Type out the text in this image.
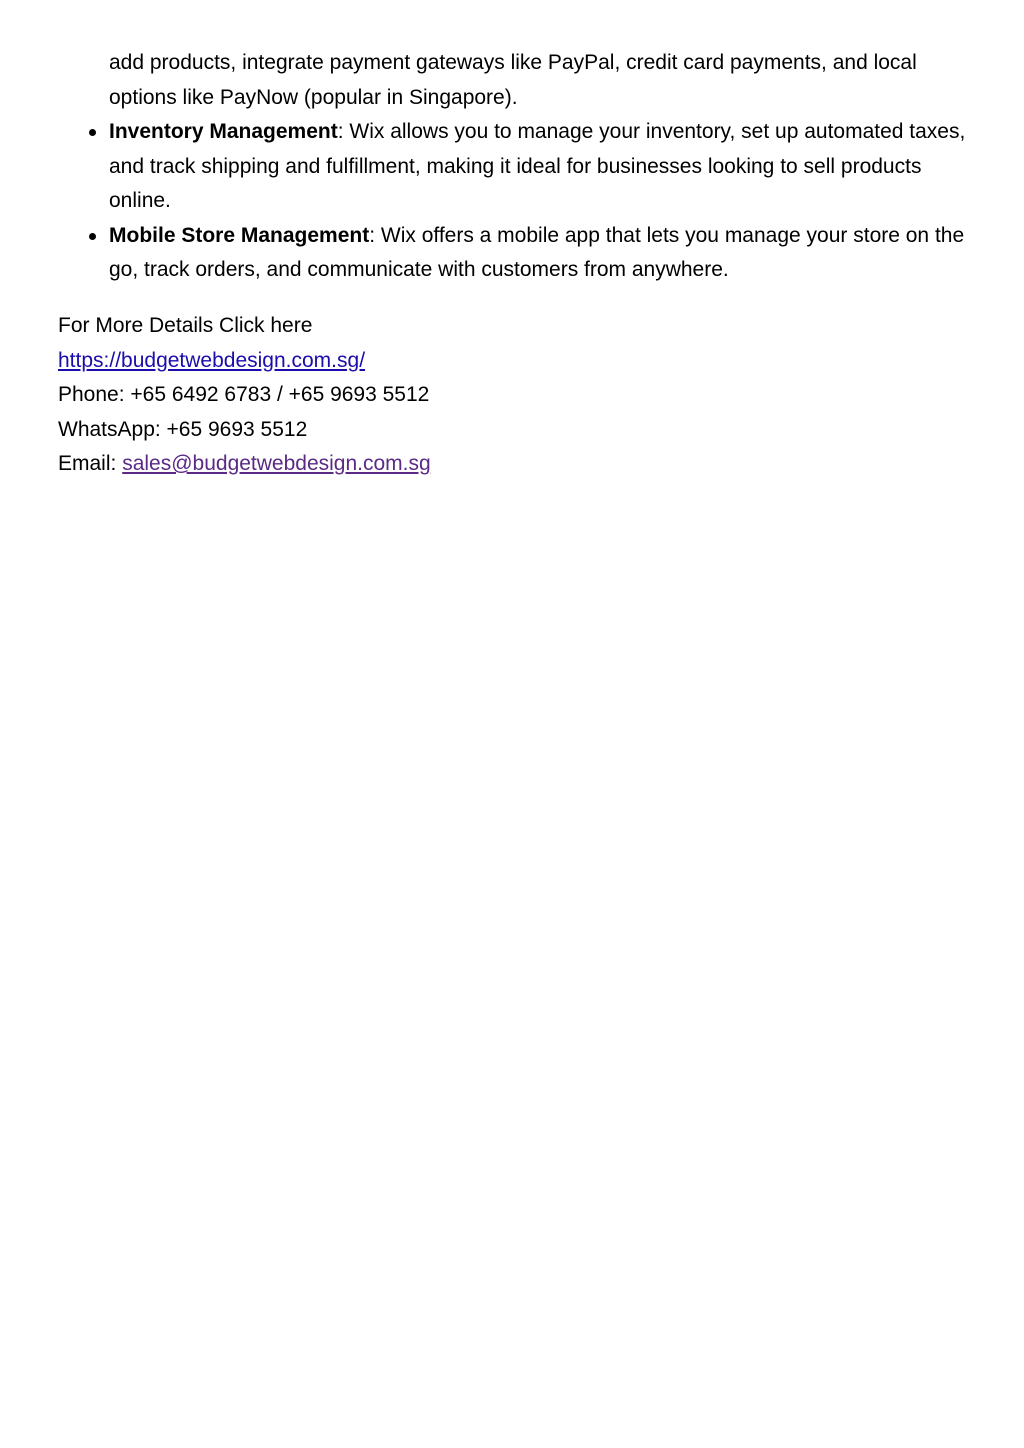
add products, integrate payment gateways like PayPal, credit card payments, and local options like PayNow (popular in Singapore).

Inventory Management: Wix allows you to manage your inventory, set up automated taxes, and track shipping and fulfillment, making it ideal for businesses looking to sell products online.
Mobile Store Management: Wix offers a mobile app that lets you manage your store on the go, track orders, and communicate with customers from anywhere.
For More Details Click here
https://budgetwebdesign.com.sg/
Phone: +65 6492 6783 / +65 9693 5512
WhatsApp: +65 9693 5512
Email: sales@budgetwebdesign.com.sg
